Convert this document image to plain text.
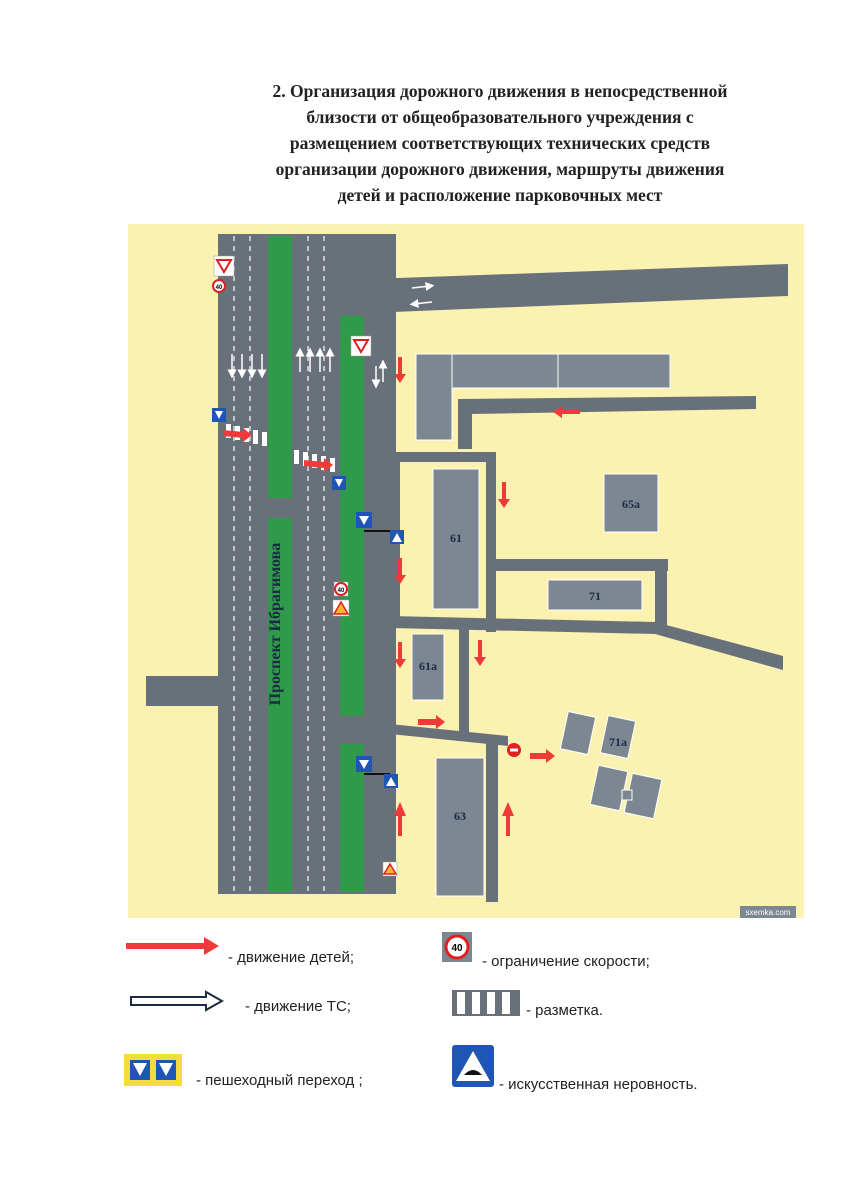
2. Организация дорожного движения в непосредственной
близости от общеобразовательного учреждения с
размещением соответствующих технических средств
организации дорожного движения, маршруты движения
детей и расположение парковочных мест
61
61а
63
65а
71
71а
Проспект Ибрагимова
40
40
sxemka.com
- движение детей;
- движение ТС;
- пешеходный переход ;
40
- ограничение скорости;
- разметка.
- искусственная неровность.
